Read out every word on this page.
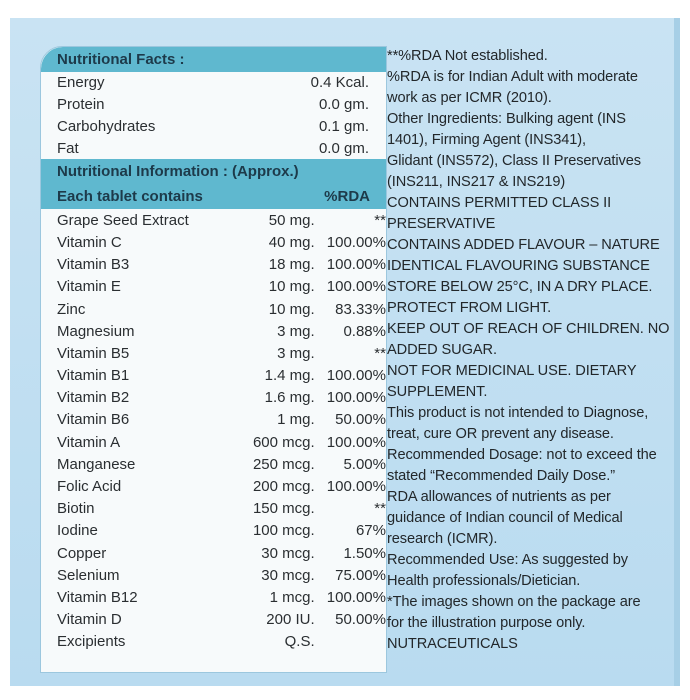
Nutritional Facts :
Energy	0.4 Kcal.
Protein	0.0 gm.
Carbohydrates	0.1 gm.
Fat	0.0 gm.
Nutritional Information : (Approx.)
Each tablet contains	%RDA
Grape Seed Extract	50 mg.	**
Vitamin C	40 mg. 100.00%
Vitamin B3	18 mg. 100.00%
Vitamin E	10 mg. 100.00%
Zinc	10 mg.	83.33%
Magnesium	3 mg.	0.88%
Vitamin B5	3 mg.	**
Vitamin B1	1.4 mg. 100.00%
Vitamin B2	1.6 mg. 100.00%
Vitamin B6	1 mg.	50.00%
Vitamin A	600 mcg. 100.00%
Manganese	250 mcg.	5.00%
Folic Acid	200 mcg. 100.00%
Biotin	150 mcg.	**
Iodine	100 mcg.	67%
Copper	30 mcg.	1.50%
Selenium	30 mcg.	75.00%
Vitamin B12	1 mcg. 100.00%
Vitamin D	200 IU.	50.00%
Excipients	Q.S.
**%RDA Not established.
%RDA is for Indian Adult with moderate
work as per ICMR (2010).
Other Ingredients: Bulking agent (INS
1401), Firming Agent (INS341),
Glidant (INS572), Class II Preservatives
(INS211, INS217 & INS219)
CONTAINS PERMITTED CLASS II
PRESERVATIVE
CONTAINS ADDED FLAVOUR – NATURE
IDENTICAL FLAVOURING SUBSTANCE
STORE BELOW 25°C, IN A DRY PLACE.
PROTECT FROM LIGHT.
KEEP OUT OF REACH OF CHILDREN. NO
ADDED SUGAR.
NOT FOR MEDICINAL USE. DIETARY
SUPPLEMENT.
This product is not intended to Diagnose,
treat, cure OR prevent any disease.
Recommended Dosage: not to exceed the
stated “Recommended Daily Dose.”
RDA allowances of nutrients as per
guidance of Indian council of Medical
research (ICMR).
Recommended Use: As suggested by
Health professionals/Dietician.
*The images shown on the package are
for the illustration purpose only.
NUTRACEUTICALS
